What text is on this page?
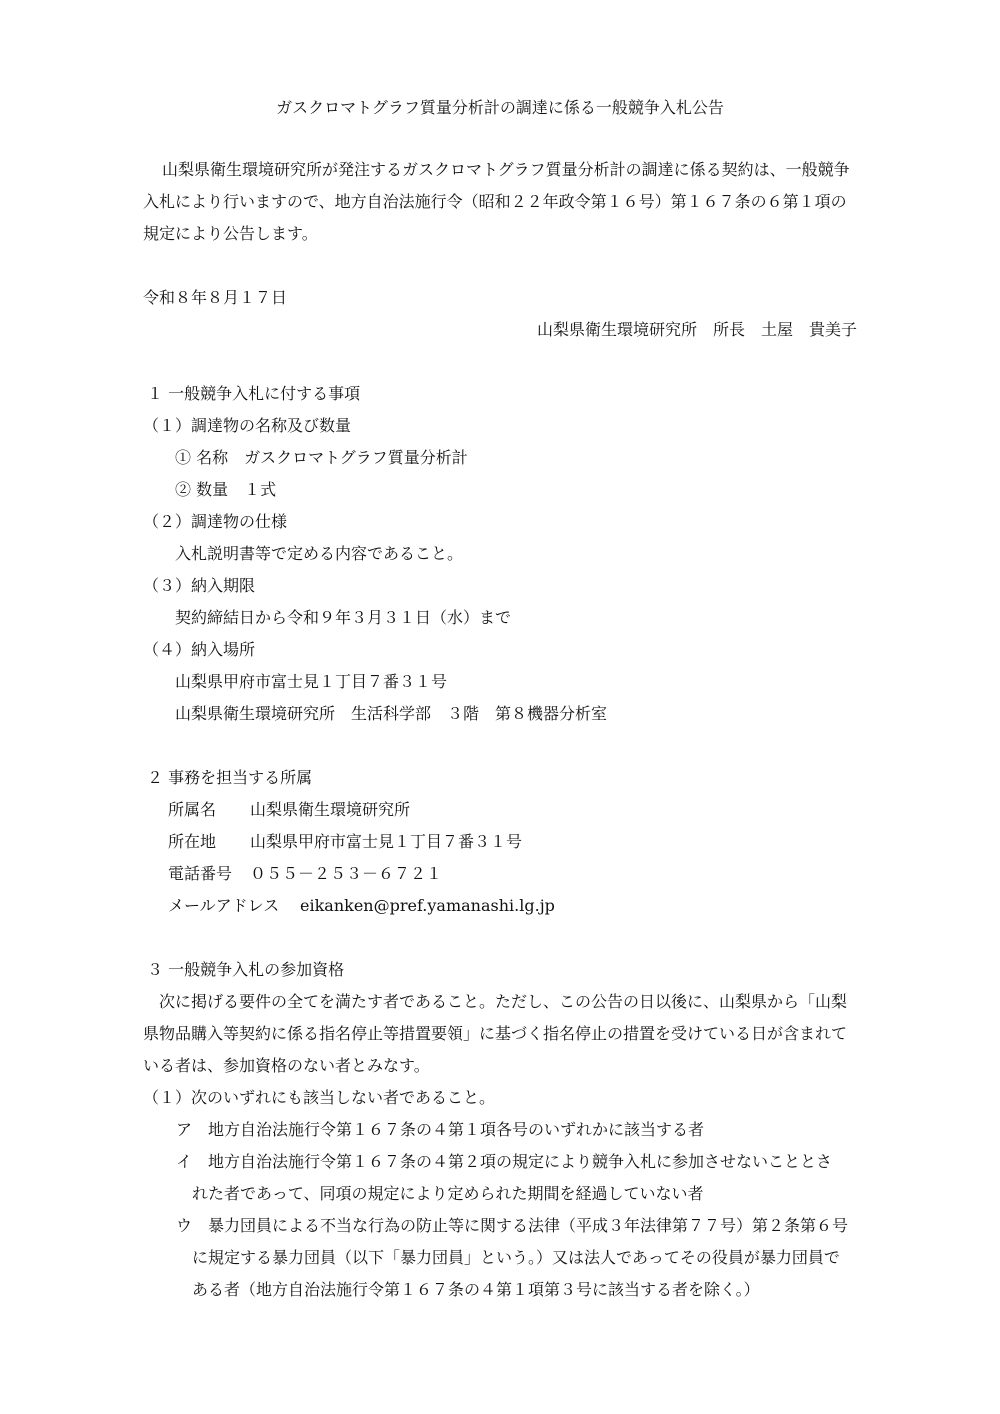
ガスクロマトグラフ質量分析計の調達に係る一般競争入札公告
山梨県衛生環境研究所が発注するガスクロマトグラフ質量分析計の調達に係る契約は、一般競争
入札により行いますので、地方自治法施行令（昭和２２年政令第１６号）第１６７条の６第１項の
規定により公告します。
令和８年８月１７日
山梨県衛生環境研究所　所長　土屋　貴美子
１ 一般競争入札に付する事項
（１）調達物の名称及び数量
① 名称　ガスクロマトグラフ質量分析計
② 数量　１式
（２）調達物の仕様
入札説明書等で定める内容であること。
（３）納入期限
契約締結日から令和９年３月３１日（水）まで
（４）納入場所
山梨県甲府市富士見１丁目７番３１号
山梨県衛生環境研究所　生活科学部　３階　第８機器分析室
２ 事務を担当する所属
所属名 山梨県衛生環境研究所
所在地 山梨県甲府市富士見１丁目７番３１号
電話番号 ０５５－２５３－６７２１
メールアドレス eikanken@pref.yamanashi.lg.jp
３ 一般競争入札の参加資格
次に掲げる要件の全てを満たす者であること。ただし、この公告の日以後に、山梨県から「山梨
県物品購入等契約に係る指名停止等措置要領」に基づく指名停止の措置を受けている日が含まれて
いる者は、参加資格のない者とみなす。
（１）次のいずれにも該当しない者であること。
ア　地方自治法施行令第１６７条の４第１項各号のいずれかに該当する者
イ　地方自治法施行令第１６７条の４第２項の規定により競争入札に参加させないこととさ
れた者であって、同項の規定により定められた期間を経過していない者
ウ　暴力団員による不当な行為の防止等に関する法律（平成３年法律第７７号）第２条第６号
に規定する暴力団員（以下「暴力団員」という。）又は法人であってその役員が暴力団員で
ある者（地方自治法施行令第１６７条の４第１項第３号に該当する者を除く。）
